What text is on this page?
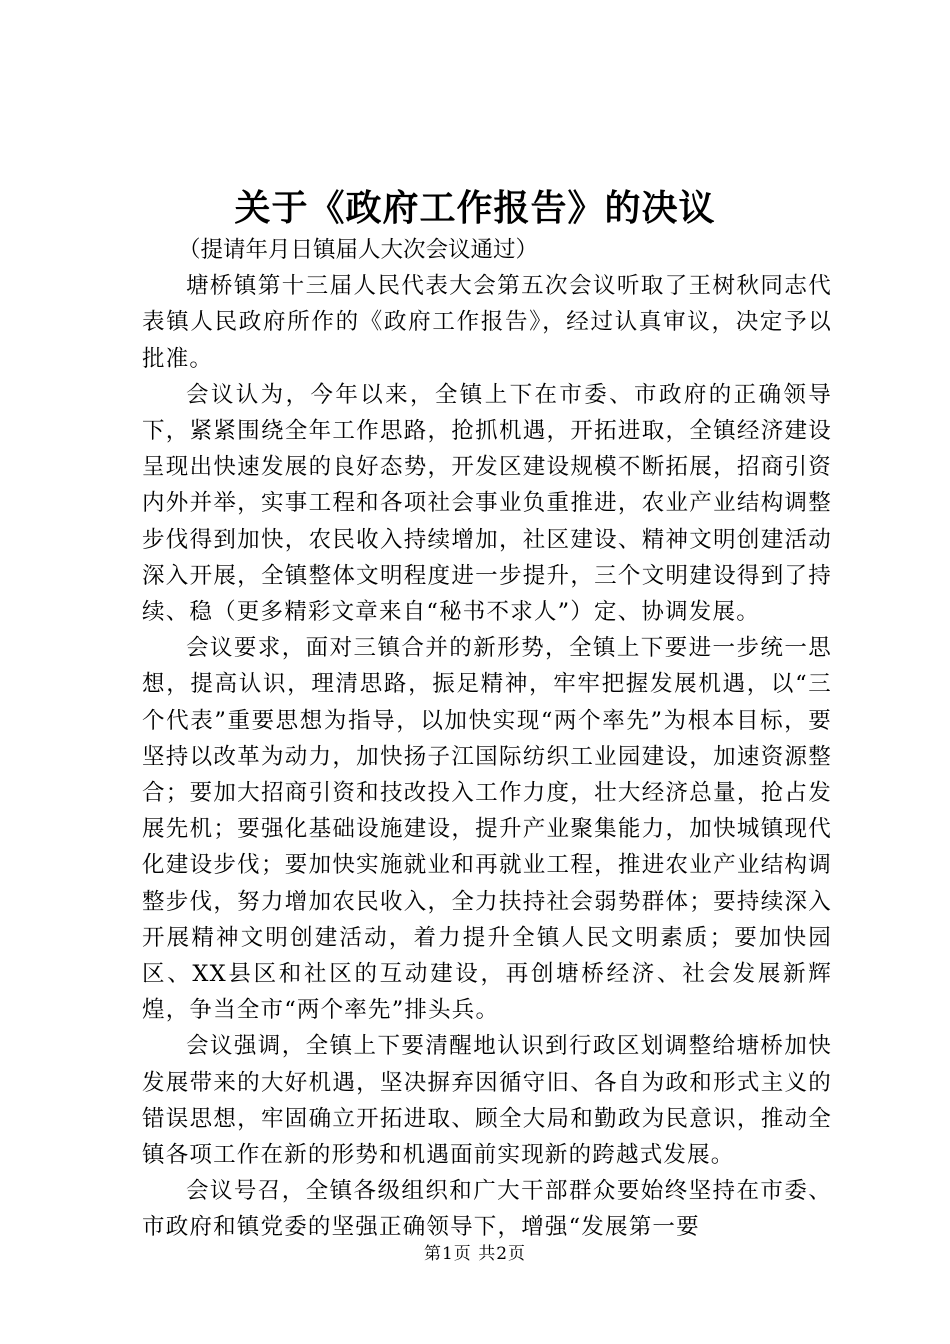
关于《政府工作报告》的决议

（提请年月日镇届人大次会议通过）

塘桥镇第十三届人民代表大会第五次会议听取了王树秋同志代表镇人民政府所作的《政府工作报告》，经过认真审议，决定予以批准。

会议认为，今年以来，全镇上下在市委、市政府的正确领导下，紧紧围绕全年工作思路，抢抓机遇，开拓进取，全镇经济建设呈现出快速发展的良好态势，开发区建设规模不断拓展，招商引资内外并举，实事工程和各项社会事业负重推进，农业产业结构调整步伐得到加快，农民收入持续增加，社区建设、精神文明创建活动深入开展，全镇整体文明程度进一步提升，三个文明建设得到了持续、稳（更多精彩文章来自“秘书不求人”）定、协调发展。

会议要求，面对三镇合并的新形势，全镇上下要进一步统一思想，提高认识，理清思路，振足精神，牢牢把握发展机遇，以“三个代表”重要思想为指导，以加快实现“两个率先”为根本目标，要坚持以改革为动力，加快扬子江国际纺织工业园建设，加速资源整合；要加大招商引资和技改投入工作力度，壮大经济总量，抢占发展先机；要强化基础设施建设，提升产业聚集能力，加快城镇现代化建设步伐；要加快实施就业和再就业工程，推进农业产业结构调整步伐，努力增加农民收入，全力扶持社会弱势群体；要持续深入开展精神文明创建活动，着力提升全镇人民文明素质；要加快园区、XX县区和社区的互动建设，再创塘桥经济、社会发展新辉煌，争当全市“两个率先”排头兵。

会议强调，全镇上下要清醒地认识到行政区划调整给塘桥加快发展带来的大好机遇，坚决摒弃因循守旧、各自为政和形式主义的错误思想，牢固确立开拓进取、顾全大局和勤政为民意识，推动全镇各项工作在新的形势和机遇面前实现新的跨越式发展。

会议号召，全镇各级组织和广大干部群众要始终坚持在市委、市政府和镇党委的坚强正确领导下，增强“发展第一要

第1页 共2页
